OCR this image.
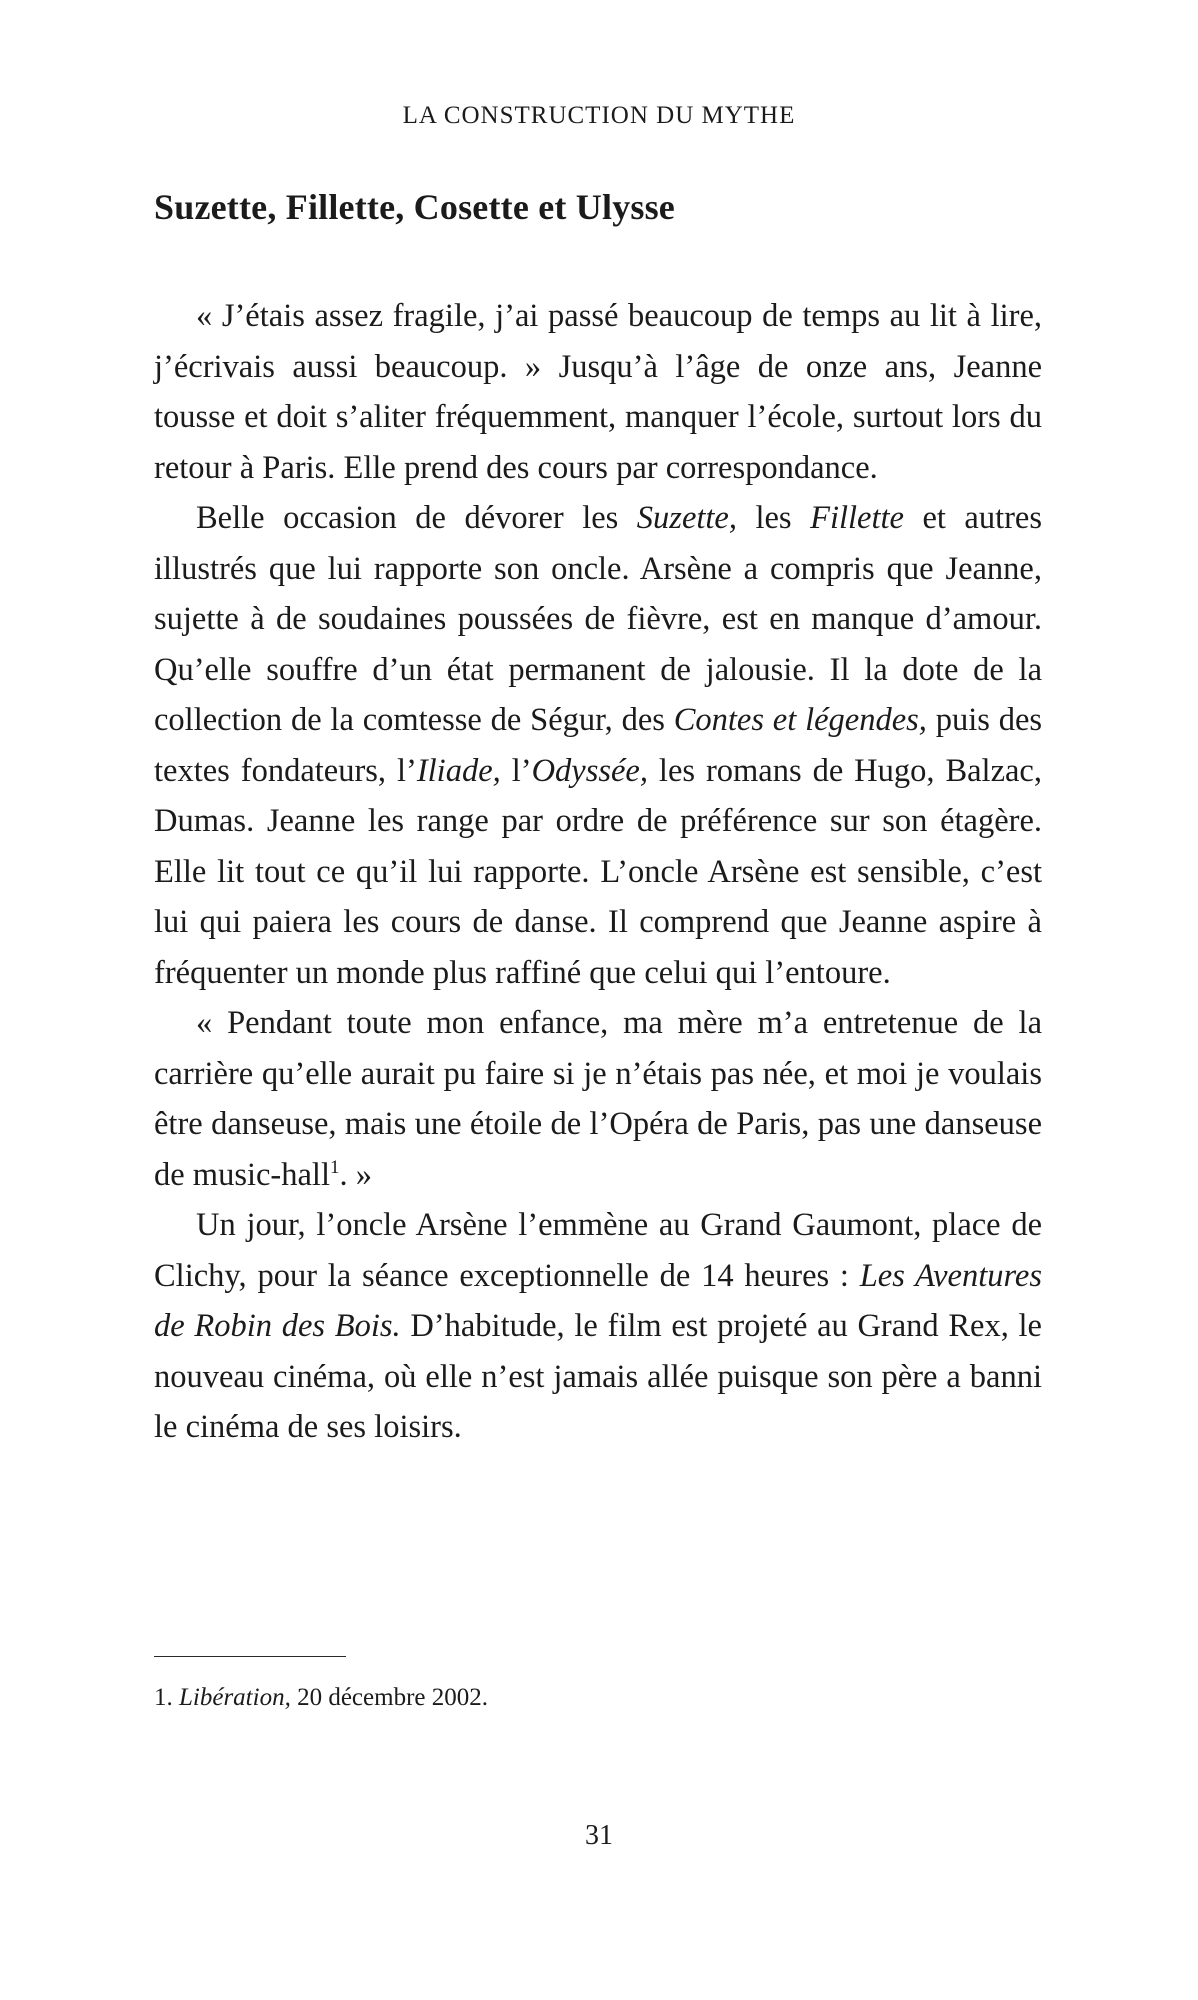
LA CONSTRUCTION DU MYTHE

Suzette, Fillette, Cosette et Ulysse

« J’étais assez fragile, j’ai passé beaucoup de temps au lit à lire, j’écrivais aussi beaucoup. » Jusqu’à l’âge de onze ans, Jeanne tousse et doit s’aliter fréquemment, manquer l’école, surtout lors du retour à Paris. Elle prend des cours par correspondance.

Belle occasion de dévorer les Suzette, les Fillette et autres illustrés que lui rapporte son oncle. Arsène a compris que Jeanne, sujette à de soudaines poussées de fièvre, est en manque d’amour. Qu’elle souffre d’un état permanent de jalousie. Il la dote de la collection de la comtesse de Ségur, des Contes et légendes, puis des textes fondateurs, l’Iliade, l’Odyssée, les romans de Hugo, Balzac, Dumas. Jeanne les range par ordre de préférence sur son étagère. Elle lit tout ce qu’il lui rapporte. L’oncle Arsène est sensible, c’est lui qui paiera les cours de danse. Il comprend que Jeanne aspire à fréquenter un monde plus raffiné que celui qui l’entoure.

« Pendant toute mon enfance, ma mère m’a entretenue de la carrière qu’elle aurait pu faire si je n’étais pas née, et moi je voulais être danseuse, mais une étoile de l’Opéra de Paris, pas une danseuse de music-hall$^1$. »

Un jour, l’oncle Arsène l’emmène au Grand Gaumont, place de Clichy, pour la séance exceptionnelle de 14 heures : Les Aventures de Robin des Bois. D’habitude, le film est projeté au Grand Rex, le nouveau cinéma, où elle n’est jamais allée puisque son père a banni le cinéma de ses loisirs.

1. Libération, 20 décembre 2002.

31
